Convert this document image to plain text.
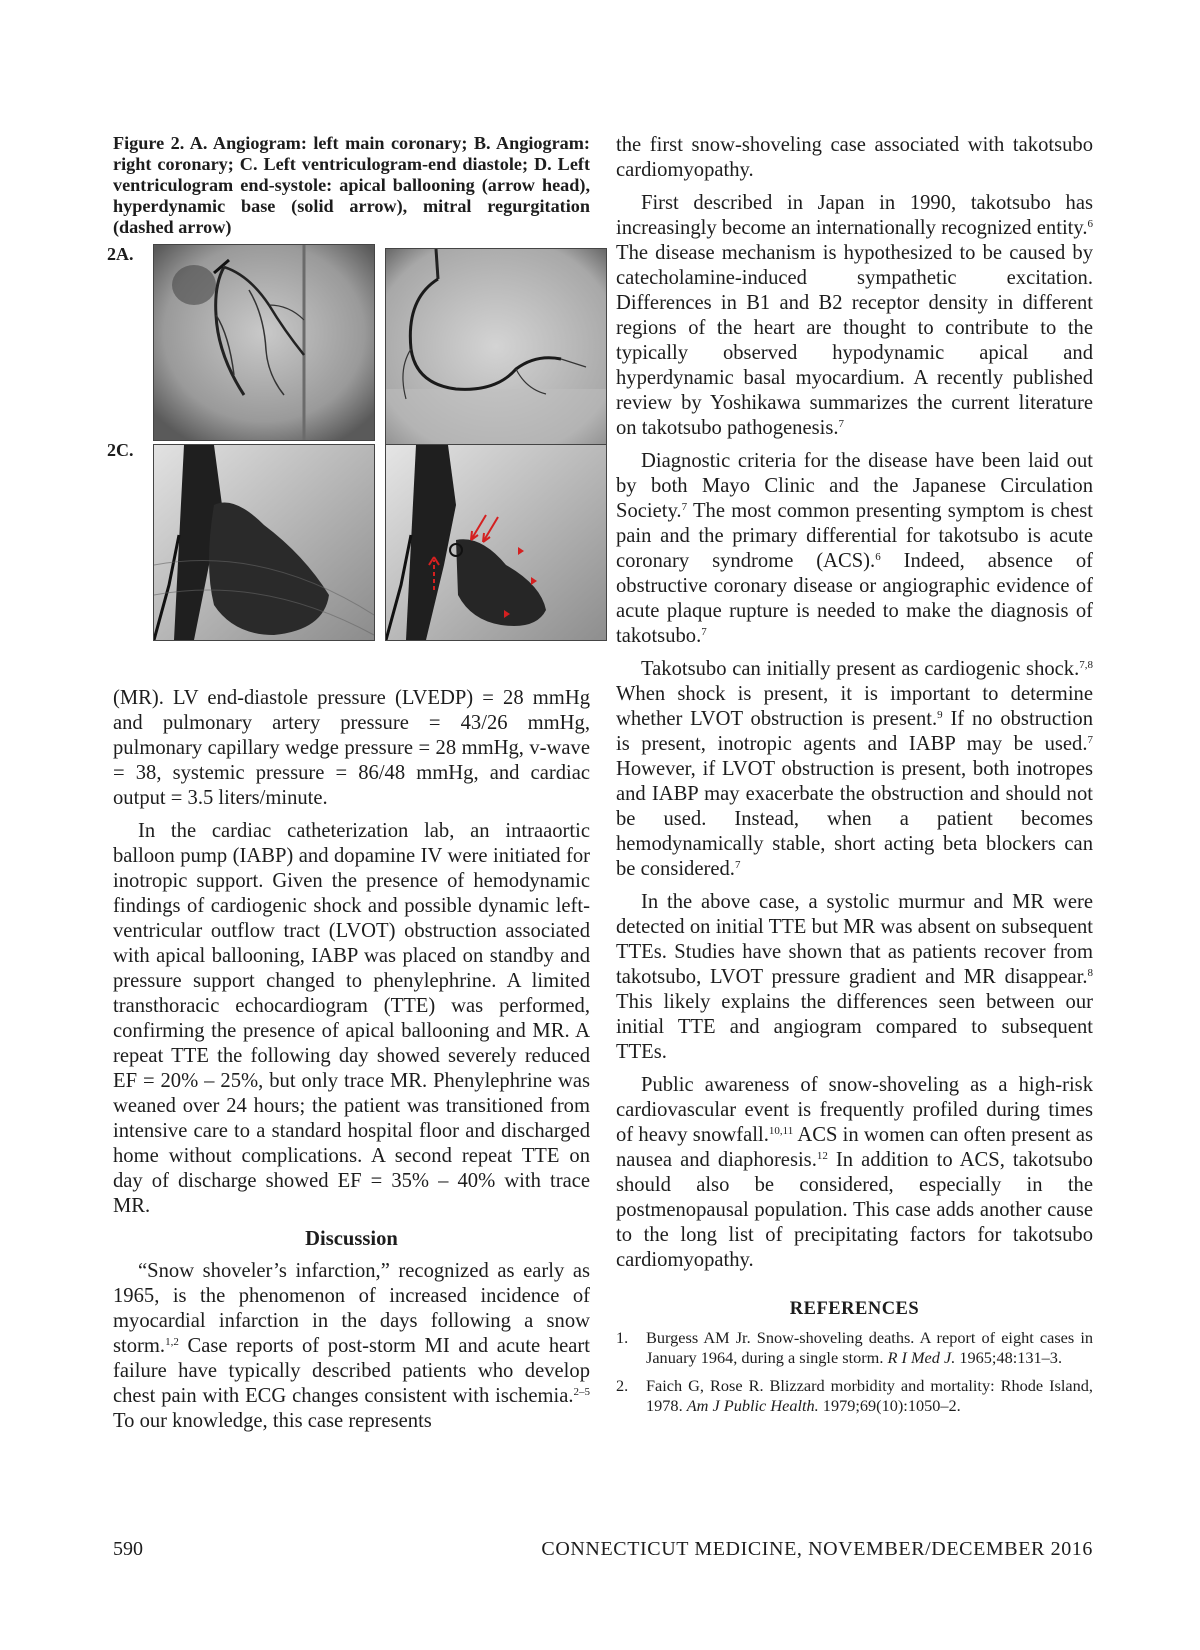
Figure 2. A. Angiogram: left main coronary; B. Angiogram: right coronary; C. Left ventriculogram-end diastole; D. Left ventriculogram end-systole: apical ballooning (arrow head), hyperdynamic base (solid arrow), mitral regurgitation (dashed arrow)
2A.
2C.

(MR). LV end-diastole pressure (LVEDP) = 28 mmHg and pulmonary artery pressure = 43/26 mmHg, pulmonary capillary wedge pressure = 28 mmHg, v-wave = 38, systemic pressure = 86/48 mmHg, and cardiac output = 3.5 liters/minute.

In the cardiac catheterization lab, an intraaortic balloon pump (IABP) and dopamine IV were initiated for inotropic support. Given the presence of hemodynamic findings of cardiogenic shock and possible dynamic left-ventricular outflow tract (LVOT) obstruction associated with apical ballooning, IABP was placed on standby and pressure support changed to phenylephrine. A limited transthoracic echocardiogram (TTE) was performed, confirming the presence of apical ballooning and MR. A repeat TTE the following day showed severely reduced EF = 20% – 25%, but only trace MR. Phenylephrine was weaned over 24 hours; the patient was transitioned from intensive care to a standard hospital floor and discharged home without complications. A second repeat TTE on day of discharge showed EF = 35% – 40% with trace MR.

Discussion

“Snow shoveler’s infarction,” recognized as early as 1965, is the phenomenon of increased incidence of myocardial infarction in the days following a snow storm.$^{1,2}$ Case reports of post-storm MI and acute heart failure have typically described patients who develop chest pain with ECG changes consistent with ischemia.$^{2-5}$ To our knowledge, this case represents

the first snow-shoveling case associated with takotsubo cardiomyopathy.

First described in Japan in 1990, takotsubo has increasingly become an internationally recognized entity.$^6$ The disease mechanism is hypothesized to be caused by catecholamine-induced sympathetic excitation. Differences in B1 and B2 receptor density in different regions of the heart are thought to contribute to the typically observed hypodynamic apical and hyperdynamic basal myocardium. A recently published review by Yoshikawa summarizes the current literature on takotsubo pathogenesis.$^7$

Diagnostic criteria for the disease have been laid out by both Mayo Clinic and the Japanese Circulation Society.$^7$ The most common presenting symptom is chest pain and the primary differential for takotsubo is acute coronary syndrome (ACS).$^6$ Indeed, absence of obstructive coronary disease or angiographic evidence of acute plaque rupture is needed to make the diagnosis of takotsubo.$^7$

Takotsubo can initially present as cardiogenic shock.$^{7,8}$ When shock is present, it is important to determine whether LVOT obstruction is present.$^9$ If no obstruction is present, inotropic agents and IABP may be used.$^7$ However, if LVOT obstruction is present, both inotropes and IABP may exacerbate the obstruction and should not be used. Instead, when a patient becomes hemodynamically stable, short acting beta blockers can be considered.$^7$

In the above case, a systolic murmur and MR were detected on initial TTE but MR was absent on subsequent TTEs. Studies have shown that as patients recover from takotsubo, LVOT pressure gradient and MR disappear.$^8$ This likely explains the differences seen between our initial TTE and angiogram compared to subsequent TTEs.

Public awareness of snow-shoveling as a high-risk cardiovascular event is frequently profiled during times of heavy snowfall.$^{10,11}$ ACS in women can often present as nausea and diaphoresis.$^{12}$ In addition to ACS, takotsubo should also be considered, especially in the postmenopausal population. This case adds another cause to the long list of precipitating factors for takotsubo cardiomyopathy.

REFERENCES
1. Burgess AM Jr. Snow-shoveling deaths. A report of eight cases in January 1964, during a single storm. R I Med J. 1965;48:131–3.
2. Faich G, Rose R. Blizzard morbidity and mortality: Rhode Island, 1978. Am J Public Health. 1979;69(10):1050–2.
590	CONNECTICUT MEDICINE, NOVEMBER/DECEMBER 2016
